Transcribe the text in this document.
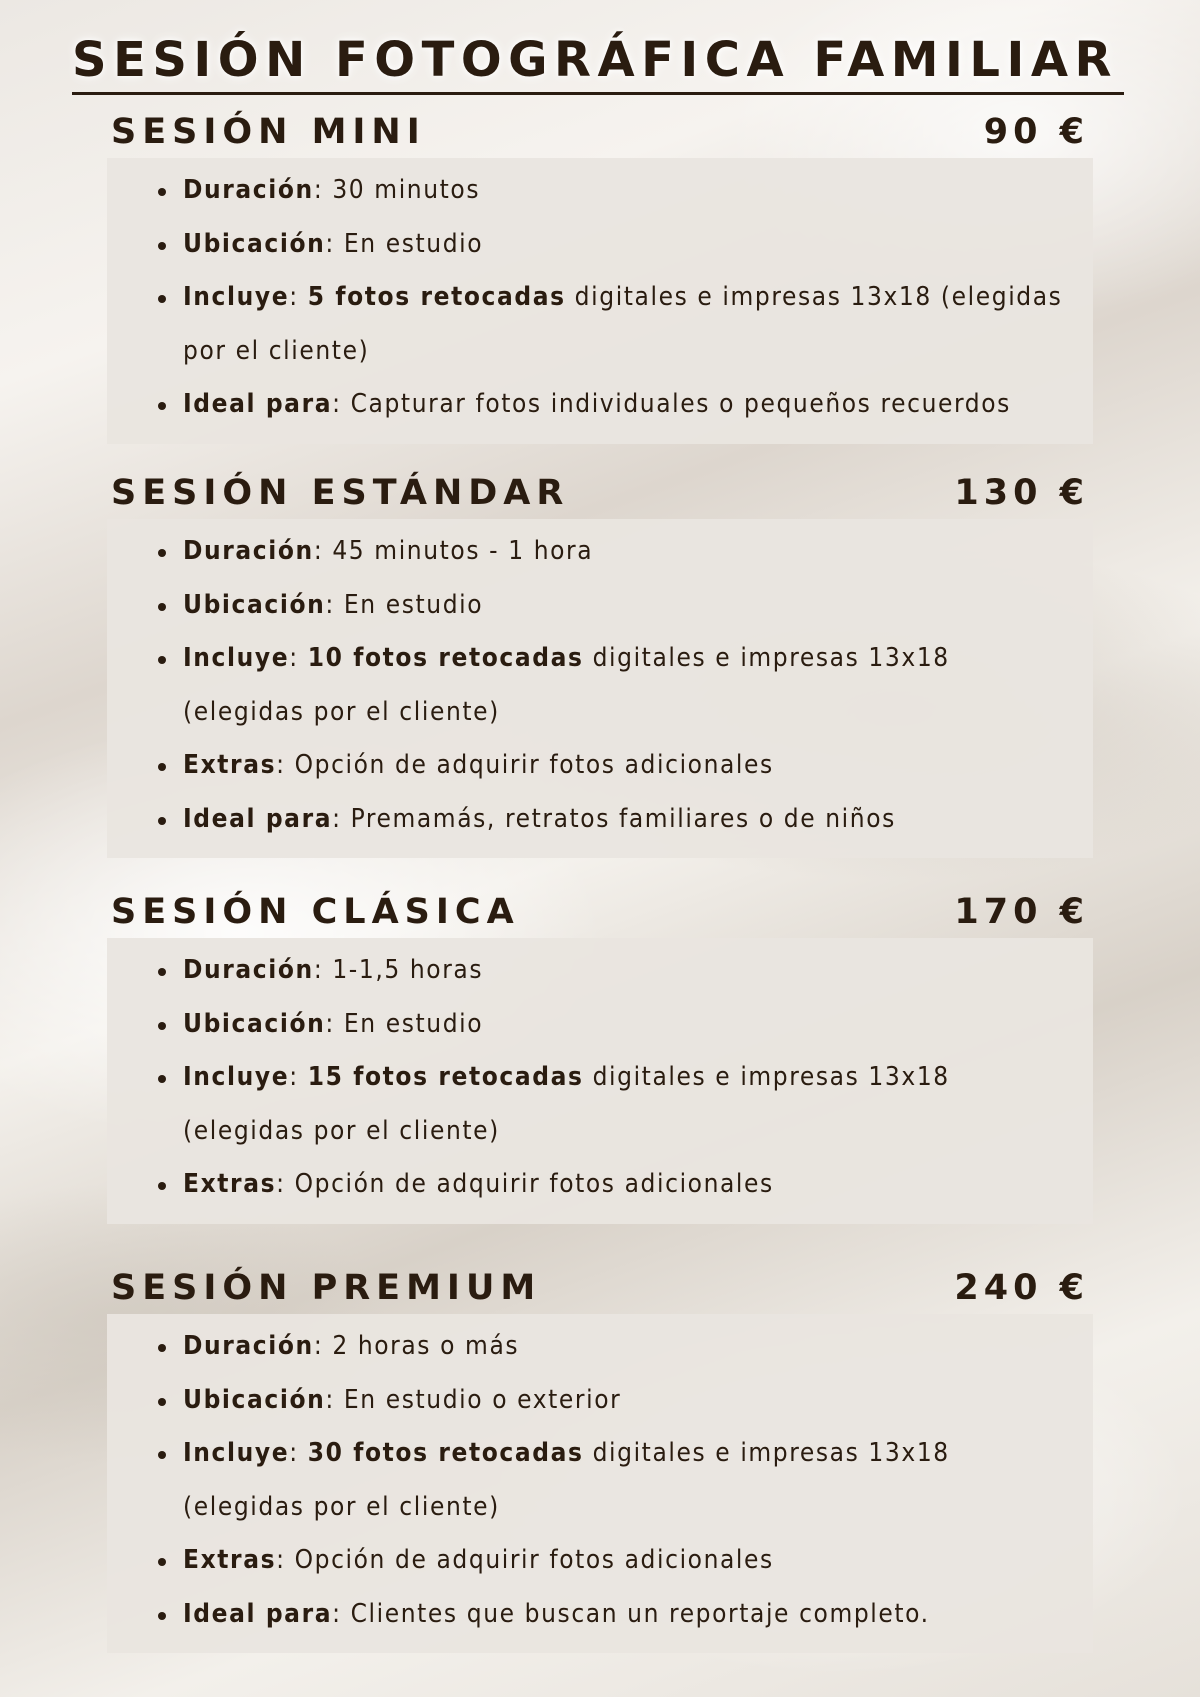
SESIÓN FOTOGRÁFICA FAMILIAR
SESIÓN MINI	90 €
Duración: 30 minutos
Ubicación: En estudio
Incluye: 5 fotos retocadas digitales e impresas 13x18 (elegidas por el cliente)
Ideal para: Capturar fotos individuales o pequeños recuerdos
SESIÓN ESTÁNDAR	130 €
Duración: 45 minutos - 1 hora
Ubicación: En estudio
Incluye: 10 fotos retocadas digitales e impresas 13x18 (elegidas por el cliente)
Extras: Opción de adquirir fotos adicionales
Ideal para: Premamás, retratos familiares o de niños
SESIÓN CLÁSICA	170 €
Duración: 1-1,5 horas
Ubicación: En estudio
Incluye: 15 fotos retocadas digitales e impresas 13x18 (elegidas por el cliente)
Extras: Opción de adquirir fotos adicionales
SESIÓN PREMIUM	240 €
Duración: 2 horas o más
Ubicación: En estudio o exterior
Incluye: 30 fotos retocadas digitales e impresas 13x18 (elegidas por el cliente)
Extras: Opción de adquirir fotos adicionales
Ideal para: Clientes que buscan un reportaje completo.
